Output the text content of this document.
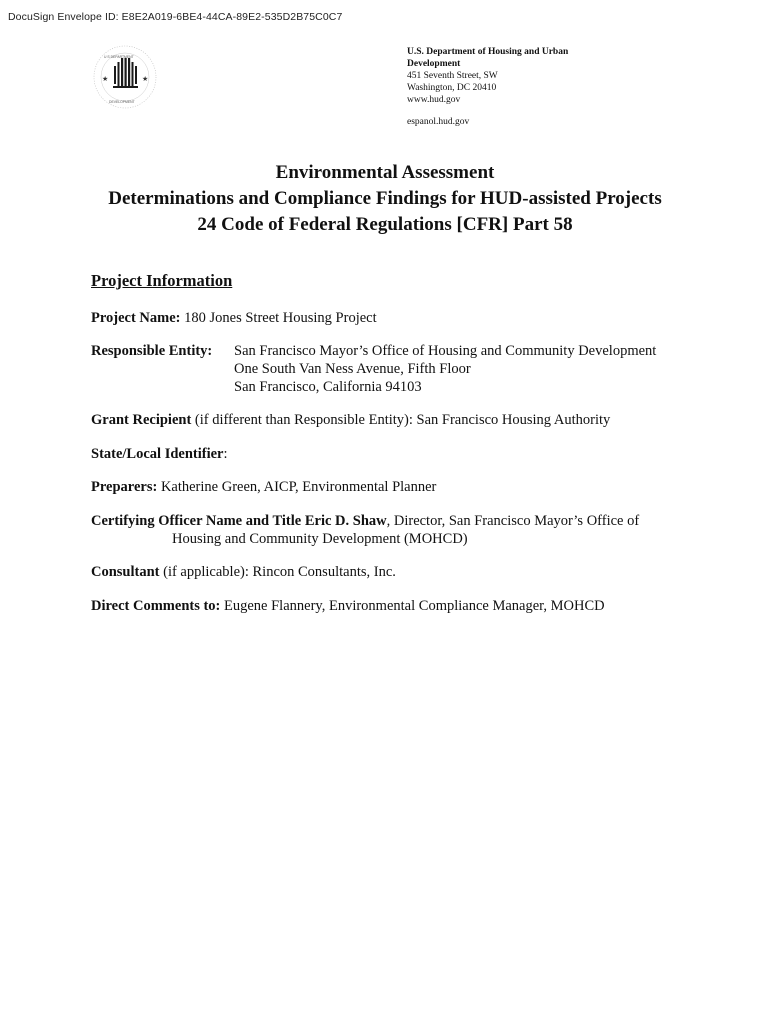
DocuSign Envelope ID: E8E2A019-6BE4-44CA-89E2-535D2B75C0C7
★	★
U S DEPARTMENT
DEVELOPMENT
U.S. Department of Housing and Urban Development
451 Seventh Street, SW
Washington, DC 20410
www.hud.gov
espanol.hud.gov
Environmental Assessment
Determinations and Compliance Findings for HUD-assisted Projects
24 Code of Federal Regulations [CFR] Part 58
Project Information
Project Name: 180 Jones Street Housing Project
Responsible Entity: San Francisco Mayor’s Office of Housing and Community Development
One South Van Ness Avenue, Fifth Floor
San Francisco, California 94103
Grant Recipient (if different than Responsible Entity): San Francisco Housing Authority
State/Local Identifier:
Preparers: Katherine Green, AICP, Environmental Planner
Certifying Officer Name and Title Eric D. Shaw, Director, San Francisco Mayor’s Office of
Housing and Community Development (MOHCD)
Consultant (if applicable): Rincon Consultants, Inc.
Direct Comments to: Eugene Flannery, Environmental Compliance Manager, MOHCD
